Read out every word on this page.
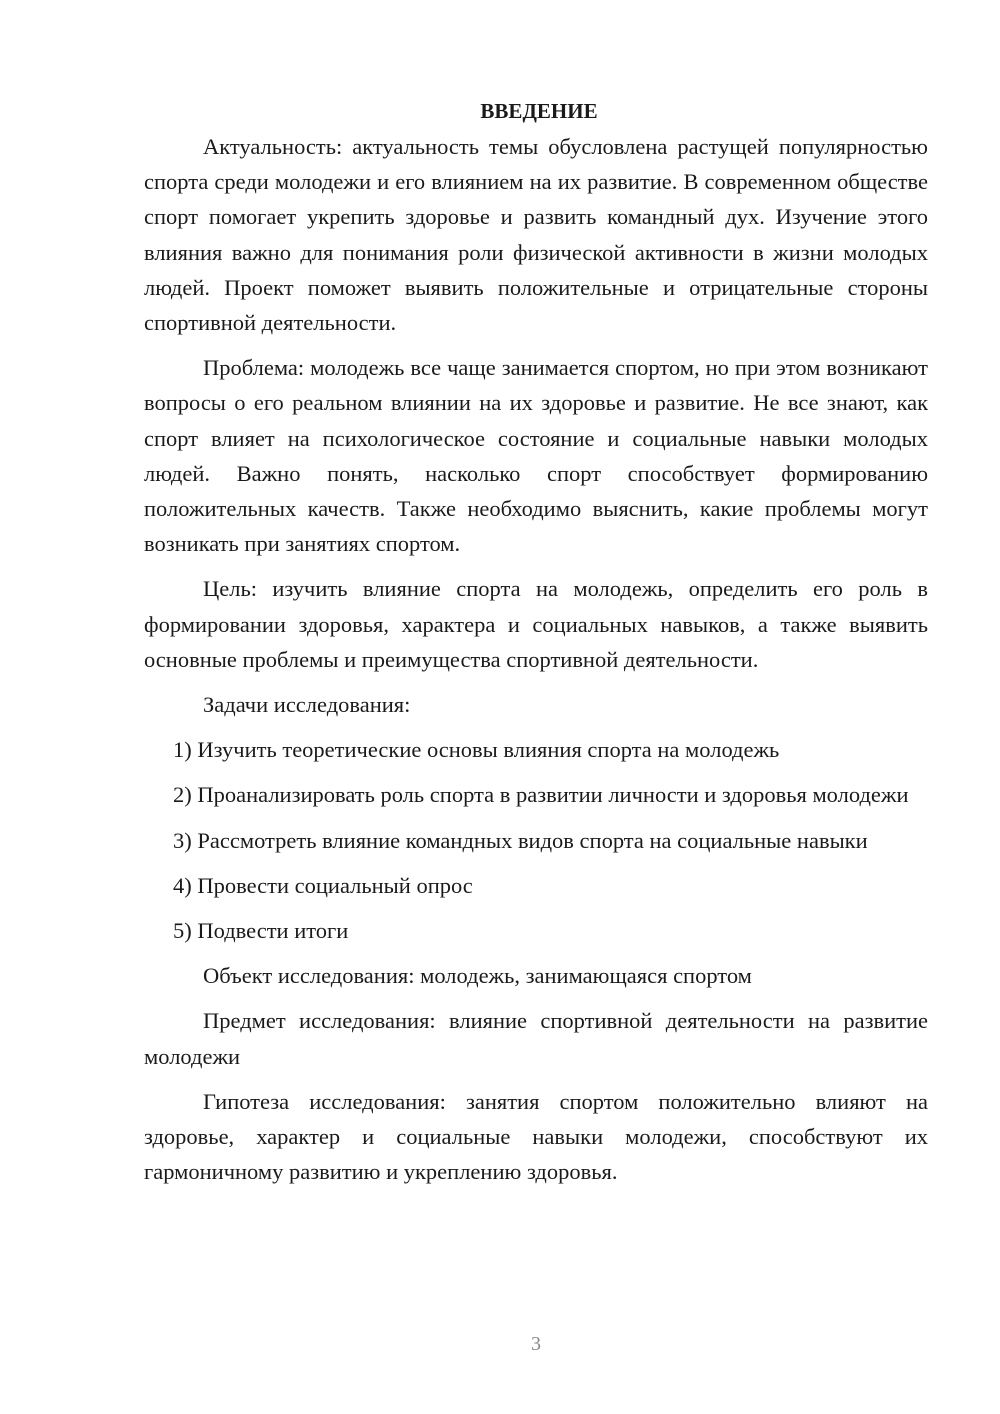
ВВЕДЕНИЕ

Актуальность: актуальность темы обусловлена растущей популярностью спорта среди молодежи и его влиянием на их развитие. В современном обществе спорт помогает укрепить здоровье и развить командный дух. Изучение этого влияния важно для понимания роли физической активности в жизни молодых людей. Проект поможет выявить положительные и отрицательные стороны спортивной деятельности.

Проблема: молодежь все чаще занимается спортом, но при этом возникают вопросы о его реальном влиянии на их здоровье и развитие. Не все знают, как спорт влияет на психологическое состояние и социальные навыки молодых людей. Важно понять, насколько спорт способствует формированию положительных качеств. Также необходимо выяснить, какие проблемы могут возникать при занятиях спортом.

Цель: изучить влияние спорта на молодежь, определить его роль в формировании здоровья, характера и социальных навыков, а также выявить основные проблемы и преимущества спортивной деятельности.

Задачи исследования:

1) Изучить теоретические основы влияния спорта на молодежь

2) Проанализировать роль спорта в развитии личности и здоровья молодежи

3) Рассмотреть влияние командных видов спорта на социальные навыки

4) Провести социальный опрос

5) Подвести итоги

Объект исследования: молодежь, занимающаяся спортом

Предмет исследования: влияние спортивной деятельности на развитие молодежи

Гипотеза исследования: занятия спортом положительно влияют на здоровье, характер и социальные навыки молодежи, способствуют их гармоничному развитию и укреплению здоровья.

3
